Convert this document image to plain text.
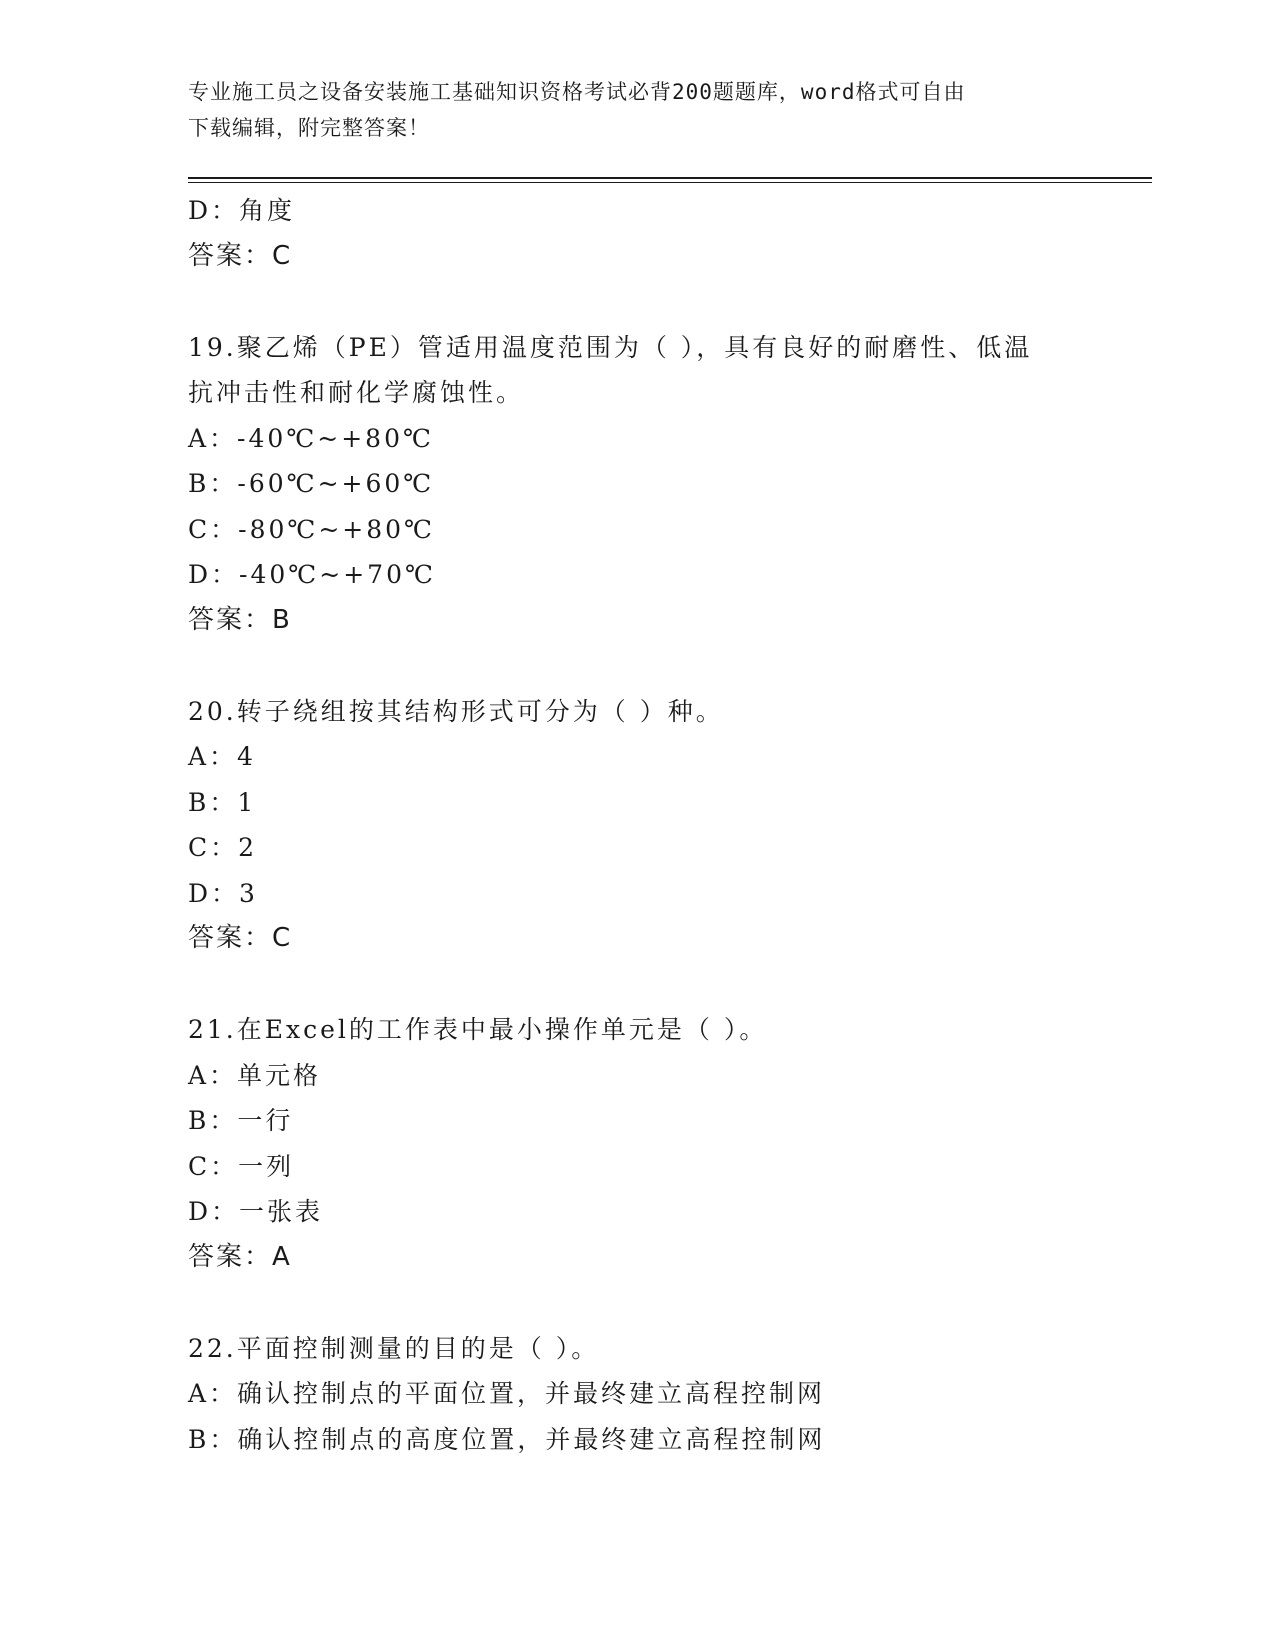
专业施工员之设备安装施工基础知识资格考试必背200题题库，word格式可自由
下载编辑，附完整答案！
D：角度
答案：C
19.聚乙烯（PE）管适用温度范围为（ ），具有良好的耐磨性、低温
抗冲击性和耐化学腐蚀性。
A：-40℃~+80℃
B：-60℃~+60℃
C：-80℃~+80℃
D：-40℃~+70℃
答案：B
20.转子绕组按其结构形式可分为（ ）种。
A：4
B：1
C：2
D：3
答案：C
21.在Excel的工作表中最小操作单元是（ ）。
A：单元格
B：一行
C：一列
D：一张表
答案：A
22.平面控制测量的目的是（ ）。
A：确认控制点的平面位置，并最终建立高程控制网
B：确认控制点的高度位置，并最终建立高程控制网
